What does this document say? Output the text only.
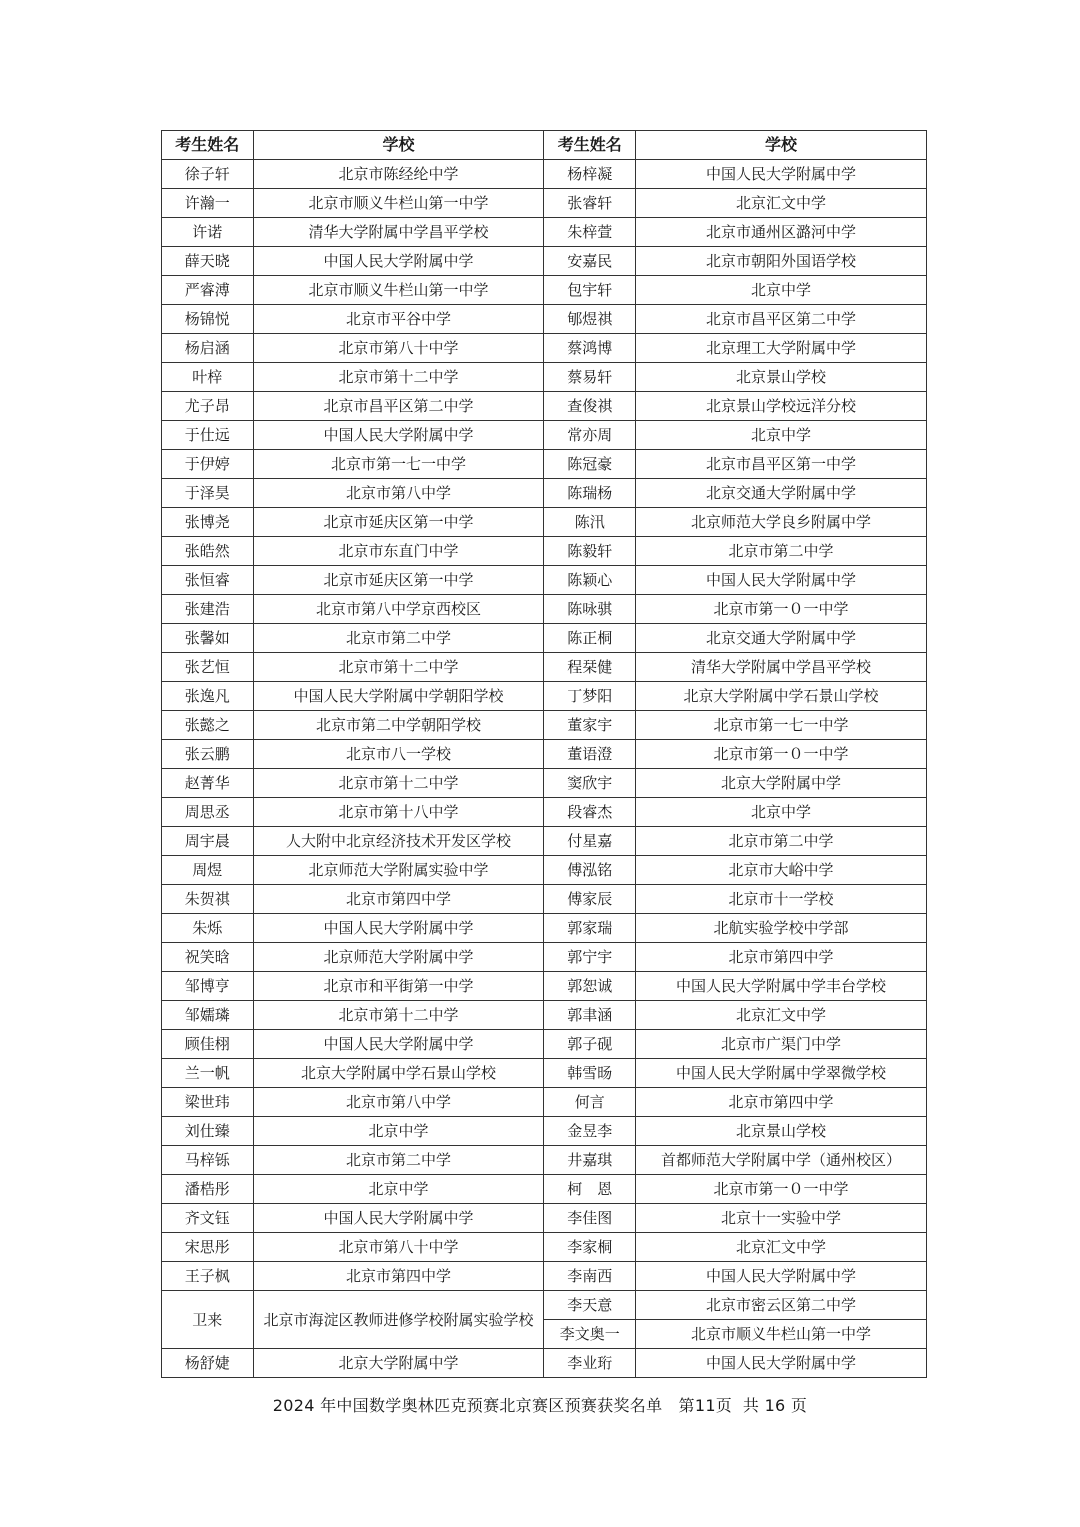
考生姓名	学校	考生姓名	学校
徐子轩	北京市陈经纶中学	杨梓凝	中国人民大学附属中学
许瀚一	北京市顺义牛栏山第一中学	张睿轩	北京汇文中学
许诺	清华大学附属中学昌平学校	朱梓萱	北京市通州区潞河中学
薛天晓	中国人民大学附属中学	安嘉民	北京市朝阳外国语学校
严睿溥	北京市顺义牛栏山第一中学	包宇轩	北京中学
杨锦悦	北京市平谷中学	郇煜祺	北京市昌平区第二中学
杨启涵	北京市第八十中学	蔡鸿博	北京理工大学附属中学
叶梓	北京市第十二中学	蔡易轩	北京景山学校
尤子昂	北京市昌平区第二中学	查俊祺	北京景山学校远洋分校
于仕远	中国人民大学附属中学	常亦周	北京中学
于伊婷	北京市第一七一中学	陈冠豪	北京市昌平区第一中学
于泽昊	北京市第八中学	陈瑞杨	北京交通大学附属中学
张博尧	北京市延庆区第一中学	陈汛	北京师范大学良乡附属中学
张皓然	北京市东直门中学	陈毅轩	北京市第二中学
张恒睿	北京市延庆区第一中学	陈颖心	中国人民大学附属中学
张建浩	北京市第八中学京西校区	陈咏骐	北京市第一０一中学
张馨如	北京市第二中学	陈正桐	北京交通大学附属中学
张艺恒	北京市第十二中学	程栞健	清华大学附属中学昌平学校
张逸凡	中国人民大学附属中学朝阳学校	丁梦阳	北京大学附属中学石景山学校
张懿之	北京市第二中学朝阳学校	董家宇	北京市第一七一中学
张云鹏	北京市八一学校	董语澄	北京市第一０一中学
赵菁华	北京市第十二中学	窦欣宇	北京大学附属中学
周思丞	北京市第十八中学	段睿杰	北京中学
周宇晨	人大附中北京经济技术开发区学校	付星嘉	北京市第二中学
周煜	北京师范大学附属实验中学	傅泓铭	北京市大峪中学
朱贺祺	北京市第四中学	傅家辰	北京市十一学校
朱烁	中国人民大学附属中学	郭家瑞	北航实验学校中学部
祝笑晗	北京师范大学附属中学	郭宁宇	北京市第四中学
邹博亨	北京市和平街第一中学	郭恕诚	中国人民大学附属中学丰台学校
邹嬬璘	北京市第十二中学	郭聿涵	北京汇文中学
顾佳栩	中国人民大学附属中学	郭子砚	北京市广渠门中学
兰一帆	北京大学附属中学石景山学校	韩雪旸	中国人民大学附属中学翠微学校
梁世玮	北京市第八中学	何言	北京市第四中学
刘仕臻	北京中学	金昱李	北京景山学校
马梓铄	北京市第二中学	井嘉琪	首都师范大学附属中学（通州校区）
潘梏彤	北京中学	柯　恩	北京市第一０一中学
齐文钰	中国人民大学附属中学	李佳图	北京十一实验中学
宋思彤	北京市第八十中学	李家桐	北京汇文中学
王子枫	北京市第四中学	李南西	中国人民大学附属中学
卫来	北京市海淀区教师进修学校附属实验学校	李天意	北京市密云区第二中学
		李文奥一	北京市顺义牛栏山第一中学
杨舒婕	北京大学附属中学	李业珩	中国人民大学附属中学
2024 年中国数学奥林匹克预赛北京赛区预赛获奖名单 第11页 共 16 页
